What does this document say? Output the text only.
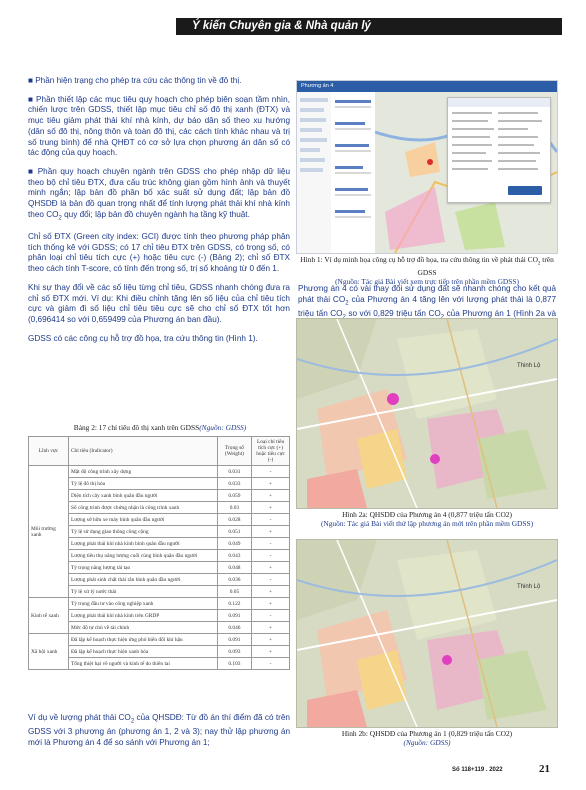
Ý kiến Chuyên gia & Nhà quản lý

■ Phần hiện trạng cho phép tra cứu các thông tin về đô thị.

■ Phần thiết lập các mục tiêu quy hoạch cho phép biên soạn tầm nhìn, chiến lược trên GDSS, thiết lập mục tiêu chỉ số đô thị xanh (ĐTX) và mục tiêu giảm phát thải khí nhà kính, dự báo dân số theo xu hướng (dân số đô thị, nông thôn và toàn đô thị, các cách tính khác nhau và trị số trung bình) để nhà QHĐT có cơ sở lựa chọn phương án dân số có tác động của quy hoạch.

■ Phần quy hoạch chuyên ngành trên GDSS cho phép nhập dữ liệu theo bộ chỉ tiêu ĐTX, đưa cấu trúc không gian gồm hình ảnh và thuyết minh ngắn; lập bản đồ phân bố xác suất sử dụng đất; lập bản đồ QHSDĐ là bản đồ quan trọng nhất để tính lượng phát thải khí nhà kính theo $CO_2$ quy đổi; lập bản đồ chuyên ngành hạ tầng kỹ thuật.

Chỉ số ĐTX (Green city index: GCI) được tính theo phương pháp phân tích thống kê với GDSS; có 17 chỉ tiêu ĐTX trên GDSS, có trọng số, có phân loại chỉ tiêu tích cực (+) hoặc tiêu cực (-) (Bảng 2); chỉ số ĐTX theo cách tính T-score, có tính đến trọng số, trị số khoảng từ 0 đến 1.

Khi sự thay đổi về các số liệu từng chỉ tiêu, GDSS nhanh chóng đưa ra chỉ số ĐTX mới. Ví dụ: Khi điều chỉnh tăng lên số liệu của chỉ tiêu tích cực và giảm đi số liệu chỉ tiêu tiêu cực sẽ cho chỉ số ĐTX tốt hơn (0,696414 so với 0,659499 của Phương án ban đầu).

GDSS có các công cụ hỗ trợ đồ họa, tra cứu thông tin (Hình 1).

Bảng 2: 17 chỉ tiêu đô thị xanh trên GDSS(Nguồn: GDSS)
Lĩnh vực	Chỉ tiêu (Indicator)	Trọng số (Weight)	Loại chỉ tiêu tích cực (+) hoặc tiêu cực (-)
Môi trường xanh	Mật độ công trình xây dựng	0.031	-
	Tỷ lệ đô thị hóa	0.033	+
	Diện tích cây xanh bình quân đầu người	0.059	+
	Số công trình được chứng nhận là công trình xanh	0.03	+
	Lượng sở hữu xe máy bình quân đầu người	0.028	-
	Tỷ lệ sử dụng giao thông công cộng	0.051	+
	Lượng phát thải khí nhà kính bình quân đầu người	0.049	-
	Lượng tiêu thụ năng lượng cuối cùng bình quân đầu người	0.043	-
	Tỷ trọng năng lượng tái tạo	0.048	+
	Lượng phát sinh chất thải rắn bình quân đầu người	0.036	-
	Tỷ lệ xử lý nước thải	0.05	+
Kinh tế xanh	Tỷ trọng đầu tư vào công nghiệp xanh	0.122	+
	Lượng phát thải khí nhà kính trên GRDP	0.091	-
	Mức độ tự chủ về tài chính	0.046	+
Xã hội xanh	Đã lập kế hoạch thực hiện ứng phó biến đổi khí hậu	0.091	+
	Đã lập kế hoạch thực hiện xanh hóa	0.093	+
	Tổng thiệt hại về người và kinh tế do thiên tai	0.103	-
Ví dụ về lượng phát thải $CO_2$ của QHSDĐ: Từ đồ án thí điểm đã có trên GDSS với 3 phương án (phương án 1, 2 và 3); nay thử lập phương án mới là Phương án 4 để so sánh với Phương án 1;
Phương án 4
Hình 1: Ví dụ minh họa công cụ hỗ trợ đồ họa, tra cứu thông tin về phát thải $CO_2$ trên GDSS
(Nguồn: Tác giả Bài viết xem trực tiếp trên phần mềm GDSS)
Phương án 4 có vài thay đổi sử dụng đất sẽ nhanh chóng cho kết quả phát thải $CO_2$ của Phương án 4 tăng lên với lượng phát thải là 0,877 triệu tấn CO so với 0,829 triệu tấn CO của Phương án 1 (Hình 2a và
Thinh Lộ
Hình 2a: QHSDĐ của Phương án 4 (0,877 triệu tấn CO2)
(Nguồn: Tác giả Bài viết thử lập phương án mới trên phần mềm GDSS)
Thinh Lộ
Hình 2b: QHSDĐ của Phương án 1 (0,829 triệu tấn CO2)
(Nguồn: GDSS)
Số 118+119 . 2022	21
